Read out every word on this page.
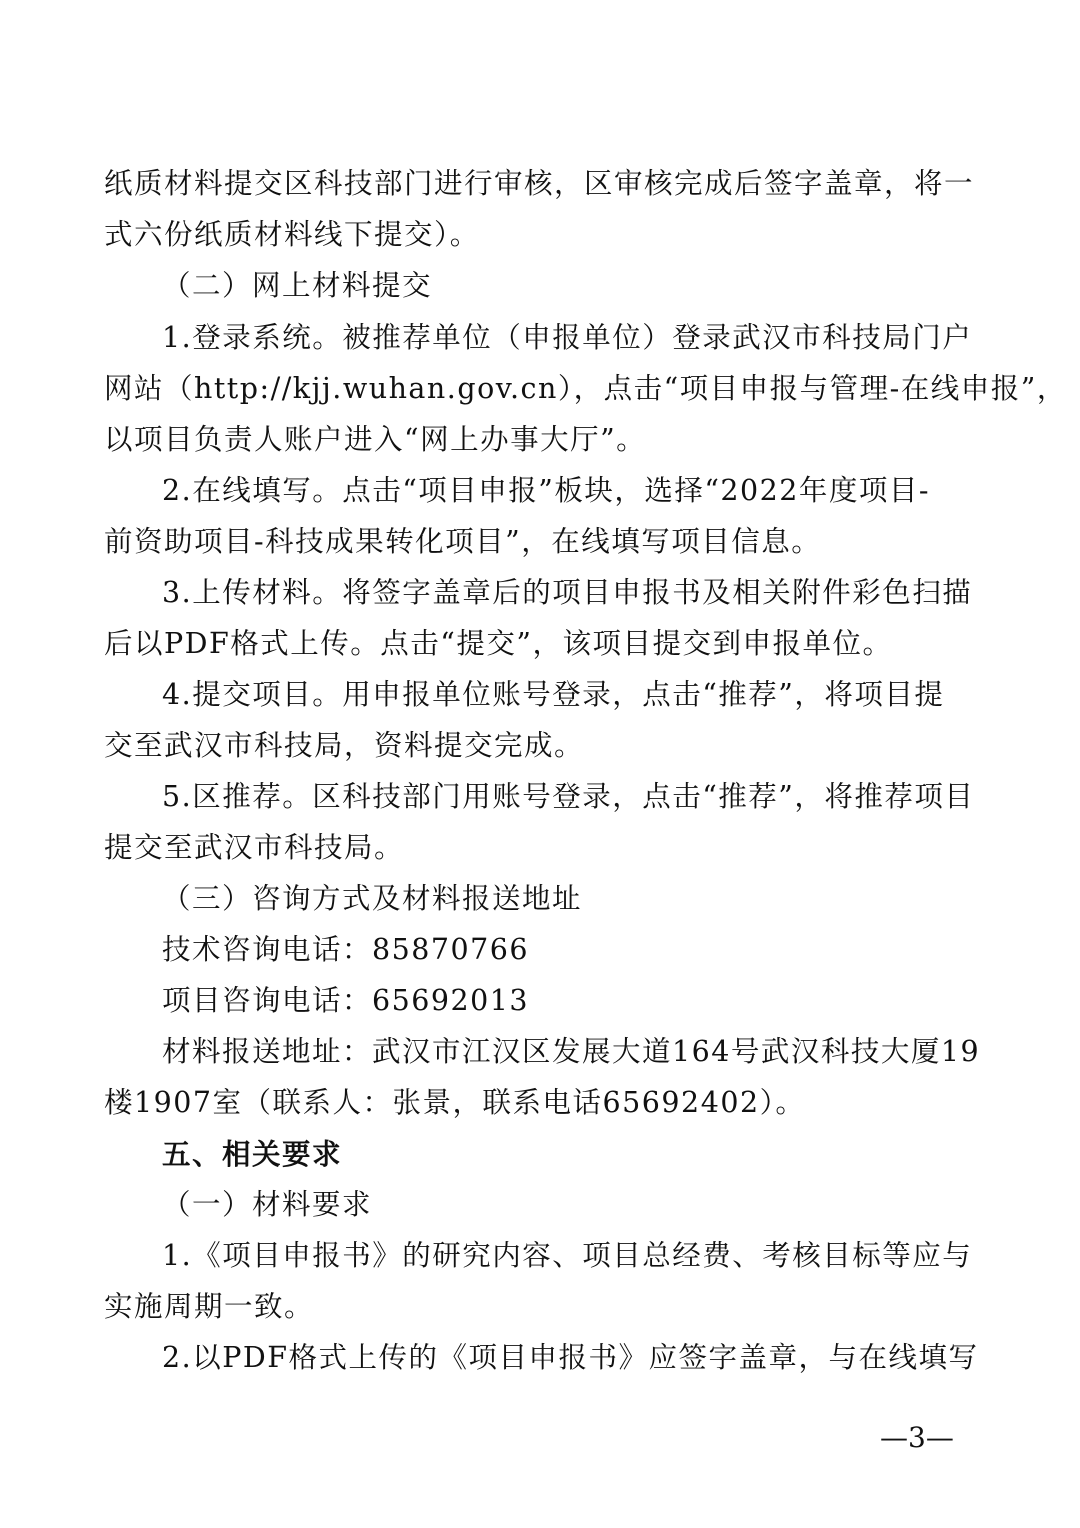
纸质材料提交区科技部门进行审核，区审核完成后签字盖章，将一
式六份纸质材料线下提交）。
（二）网上材料提交
1.登录系统。被推荐单位（申报单位）登录武汉市科技局门户
网站（http://kjj.wuhan.gov.cn），点击“项目申报与管理-在线申报”，
以项目负责人账户进入“网上办事大厅”。
2.在线填写。点击“项目申报”板块，选择“2022年度项目-
前资助项目-科技成果转化项目”，在线填写项目信息。
3.上传材料。将签字盖章后的项目申报书及相关附件彩色扫描
后以PDF格式上传。点击“提交”，该项目提交到申报单位。
4.提交项目。用申报单位账号登录，点击“推荐”，将项目提
交至武汉市科技局，资料提交完成。
5.区推荐。区科技部门用账号登录，点击“推荐”，将推荐项目
提交至武汉市科技局。
（三）咨询方式及材料报送地址
技术咨询电话：85870766
项目咨询电话：65692013
材料报送地址：武汉市江汉区发展大道164号武汉科技大厦19
楼1907室（联系人：张景，联系电话65692402）。
五、相关要求
（一）材料要求
1.《项目申报书》的研究内容、项目总经费、考核目标等应与
实施周期一致。
2.以PDF格式上传的《项目申报书》应签字盖章，与在线填写
—3—
